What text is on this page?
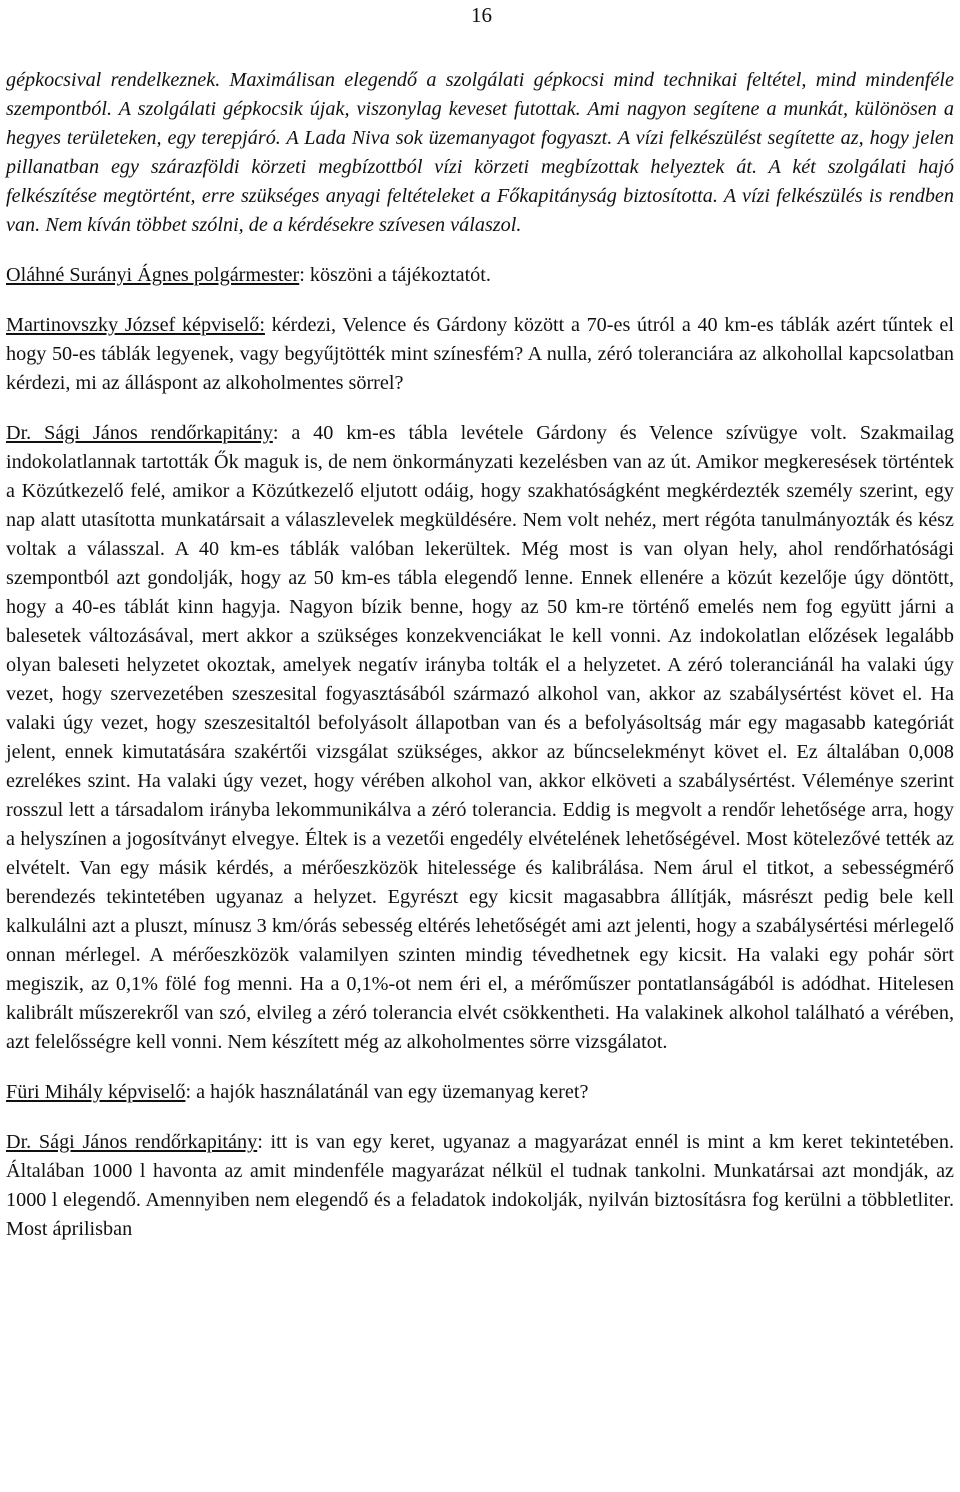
16

gépkocsival rendelkeznek. Maximálisan elegendő a szolgálati gépkocsi mind technikai feltétel, mind mindenféle szempontból. A szolgálati gépkocsik újak, viszonylag keveset futottak. Ami nagyon segítene a munkát, különösen a hegyes területeken, egy terepjáró. A Lada Niva sok üzemanyagot fogyaszt. A vízi felkészülést segítette az, hogy jelen pillanatban egy szárazföldi körzeti megbízottból vízi körzeti megbízottak helyeztek át. A két szolgálati hajó felkészítése megtörtént, erre szükséges anyagi feltételeket a Főkapitányság biztosította. A vízi felkészülés is rendben van. Nem kíván többet szólni, de a kérdésekre szívesen válaszol.

Oláhné Surányi Ágnes polgármester: köszöni a tájékoztatót.

Martinovszky József képviselő: kérdezi, Velence és Gárdony között a 70-es útról a 40 km-es táblák azért tűntek el hogy 50-es táblák legyenek, vagy begyűjtötték mint színesfém? A nulla, zéró toleranciára az alkohollal kapcsolatban kérdezi, mi az álláspont az alkoholmentes sörrel?

Dr. Sági János rendőrkapitány: a 40 km-es tábla levétele Gárdony és Velence szívügye volt. Szakmailag indokolatlannak tartották Ők maguk is, de nem önkormányzati kezelésben van az út. Amikor megkeresések történtek a Közútkezelő felé, amikor a Közútkezelő eljutott odáig, hogy szakhatóságként megkérdezték személy szerint, egy nap alatt utasította munkatársait a válaszlevelek megküldésére. Nem volt nehéz, mert régóta tanulmányozták és kész voltak a válasszal. A 40 km-es táblák valóban lekerültek. Még most is van olyan hely, ahol rendőrhatósági szempontból azt gondolják, hogy az 50 km-es tábla elegendő lenne. Ennek ellenére a közút kezelője úgy döntött, hogy a 40-es táblát kinn hagyja. Nagyon bízik benne, hogy az 50 km-re történő emelés nem fog együtt járni a balesetek változásával, mert akkor a szükséges konzekvenciákat le kell vonni. Az indokolatlan előzések legalább olyan baleseti helyzetet okoztak, amelyek negatív irányba tolták el a helyzetet. A zéró toleranciánál ha valaki úgy vezet, hogy szervezetében szeszesital fogyasztásából származó alkohol van, akkor az szabálysértést követ el. Ha valaki úgy vezet, hogy szeszesitaltól befolyásolt állapotban van és a befolyásoltság már egy magasabb kategóriát jelent, ennek kimutatására szakértői vizsgálat szükséges, akkor az bűncselekményt követ el. Ez általában 0,008 ezrelékes szint. Ha valaki úgy vezet, hogy vérében alkohol van, akkor elköveti a szabálysértést. Véleménye szerint rosszul lett a társadalom irányba lekommunikálva a zéró tolerancia. Eddig is megvolt a rendőr lehetősége arra, hogy a helyszínen a jogosítványt elvegye. Éltek is a vezetői engedély elvételének lehetőségével. Most kötelezővé tették az elvételt. Van egy másik kérdés, a mérőeszközök hitelessége és kalibrálása. Nem árul el titkot, a sebességmérő berendezés tekintetében ugyanaz a helyzet. Egyrészt egy kicsit magasabbra állítják, másrészt pedig bele kell kalkulálni azt a pluszt, mínusz 3 km/órás sebesség eltérés lehetőségét ami azt jelenti, hogy a szabálysértési mérlegelő onnan mérlegel. A mérőeszközök valamilyen szinten mindig tévedhetnek egy kicsit. Ha valaki egy pohár sört megiszik, az 0,1% fölé fog menni. Ha a 0,1%-ot nem éri el, a mérőműszer pontatlanságából is adódhat. Hitelesen kalibrált műszerekről van szó, elvileg a zéró tolerancia elvét csökkentheti. Ha valakinek alkohol található a vérében, azt felelősségre kell vonni. Nem készített még az alkoholmentes sörre vizsgálatot.

Füri Mihály képviselő: a hajók használatánál van egy üzemanyag keret?

Dr. Sági János rendőrkapitány: itt is van egy keret, ugyanaz a magyarázat ennél is mint a km keret tekintetében. Általában 1000 l havonta az amit mindenféle magyarázat nélkül el tudnak tankolni. Munkatársai azt mondják, az 1000 l elegendő. Amennyiben nem elegendő és a feladatok indokolják, nyilván biztosításra fog kerülni a többletliter. Most áprilisban
